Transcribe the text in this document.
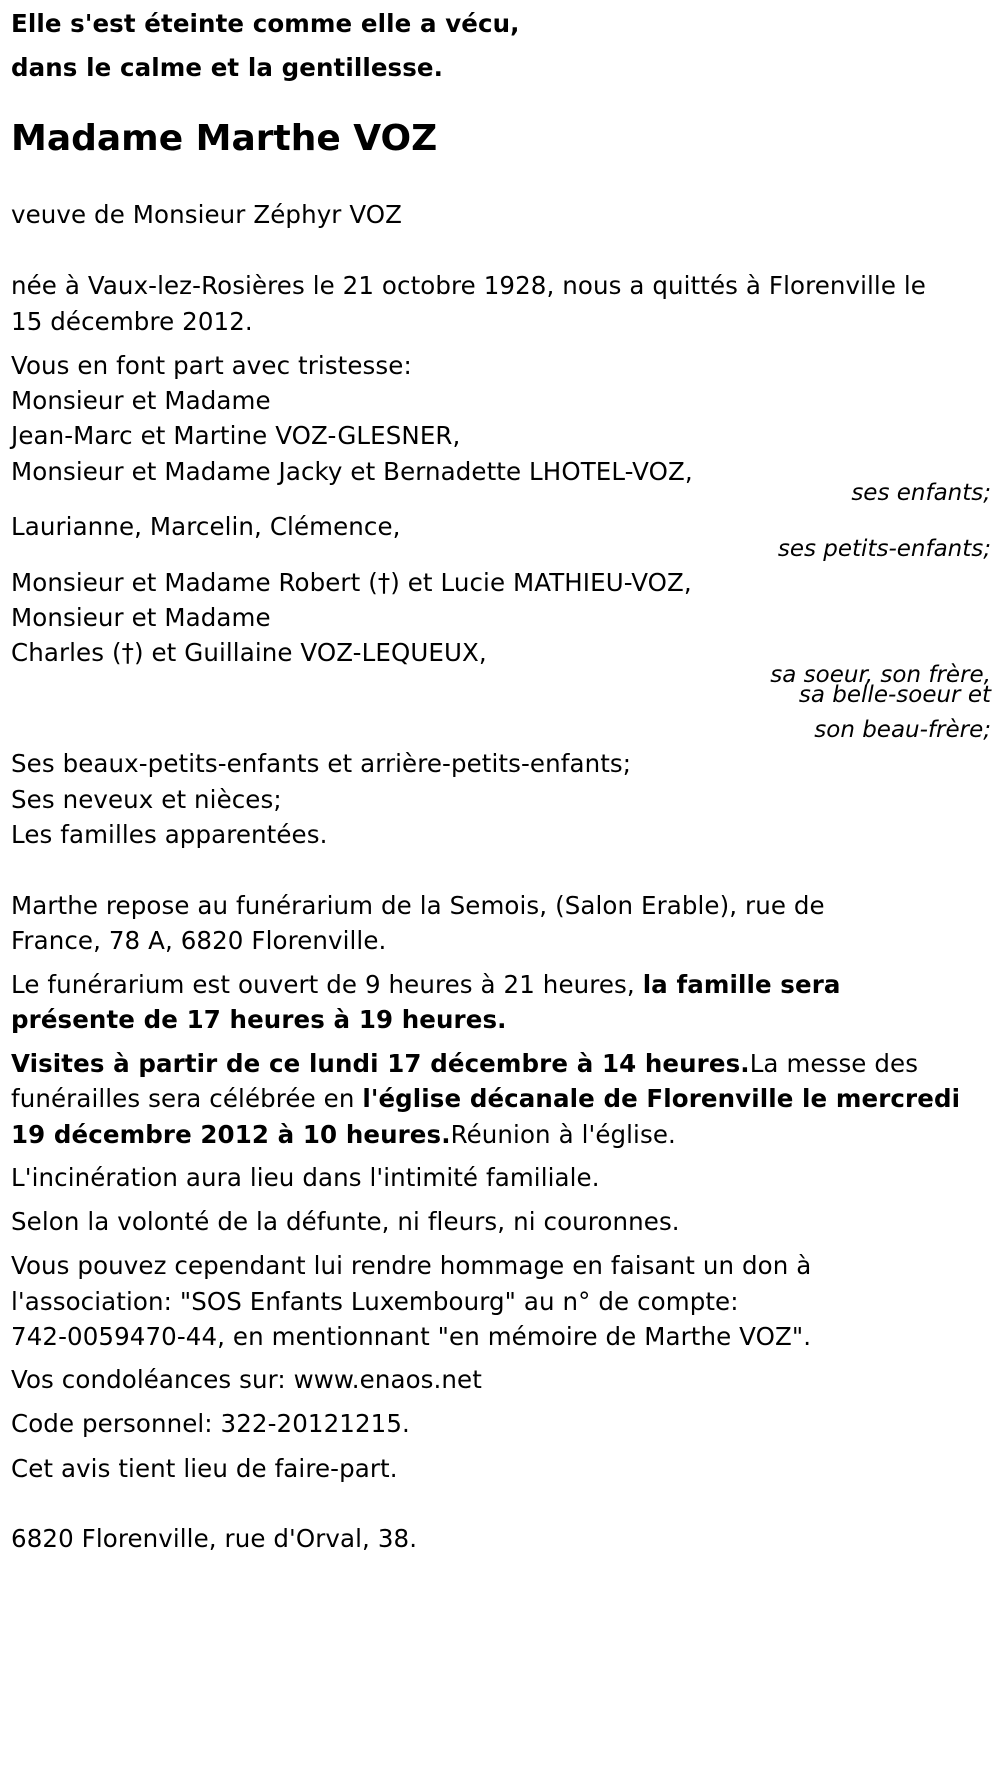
Elle s'est éteinte comme elle a vécu,
dans le calme et la gentillesse.
Madame Marthe VOZ
veuve de Monsieur Zéphyr VOZ
née à Vaux-lez-Rosières le 21 octobre 1928, nous a quittés à Florenville le
15 décembre 2012.
Vous en font part avec tristesse:
Monsieur et Madame
Jean-Marc et Martine VOZ-GLESNER,
Monsieur et Madame Jacky et Bernadette LHOTEL-VOZ,
ses enfants;
Laurianne, Marcelin, Clémence,
ses petits-enfants;
Monsieur et Madame Robert (†) et Lucie MATHIEU-VOZ,
Monsieur et Madame
Charles (†) et Guillaine VOZ-LEQUEUX,
sa soeur, son frère,
sa belle-soeur et
son beau-frère;
Ses beaux-petits-enfants et arrière-petits-enfants;
Ses neveux et nièces;
Les familles apparentées.
Marthe repose au funérarium de la Semois, (Salon Erable), rue de
France, 78 A, 6820 Florenville.
Le funérarium est ouvert de 9 heures à 21 heures, la famille sera
présente de 17 heures à 19 heures.
Visites à partir de ce lundi 17 décembre à 14 heures.La messe des
funérailles sera célébrée en l'église décanale de Florenville le mercredi
19 décembre 2012 à 10 heures.Réunion à l'église.
L'incinération aura lieu dans l'intimité familiale.
Selon la volonté de la défunte, ni fleurs, ni couronnes.
Vous pouvez cependant lui rendre hommage en faisant un don à
l'association: "SOS Enfants Luxembourg" au n° de compte:
742-0059470-44, en mentionnant "en mémoire de Marthe VOZ".
Vos condoléances sur: www.enaos.net
Code personnel: 322-20121215.
Cet avis tient lieu de faire-part.
6820 Florenville, rue d'Orval, 38.
